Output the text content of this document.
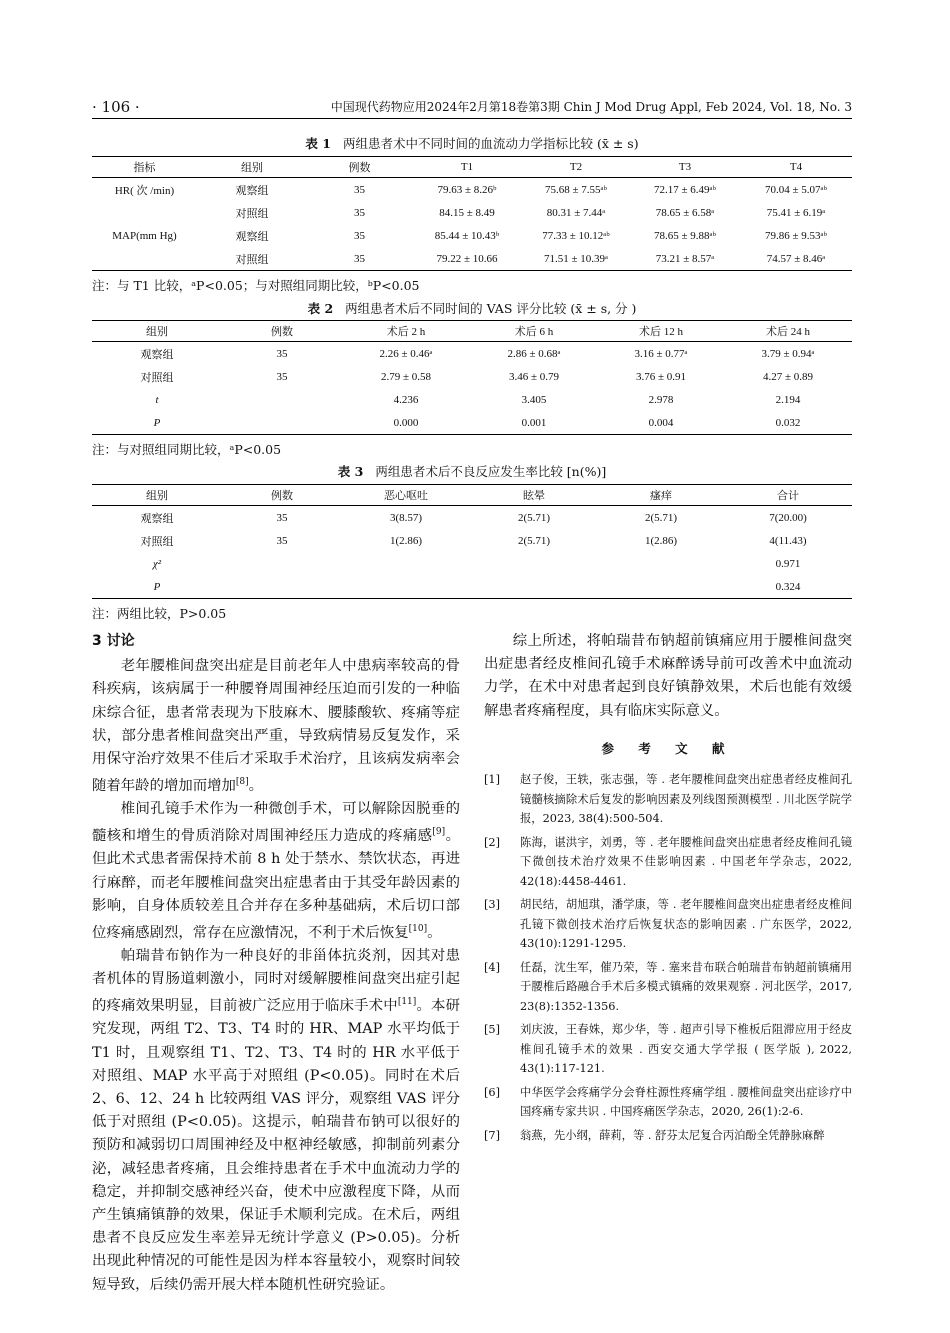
· 106 ·	中国现代药物应用2024年2月第18卷第3期 Chin J Mod Drug Appl, Feb 2024, Vol. 18, No. 3
表 1 两组患者术中不同时间的血流动力学指标比较 (x̄ ± s)
指标	组别	例数	T1	T2	T3	T4
HR( 次 /min)	观察组	35	79.63 ± 8.26ᵇ	75.68 ± 7.55ᵃᵇ	72.17 ± 6.49ᵃᵇ	70.04 ± 5.07ᵃᵇ
	对照组	35	84.15 ± 8.49	80.31 ± 7.44ᵃ	78.65 ± 6.58ᵃ	75.41 ± 6.19ᵃ
MAP(mm Hg)	观察组	35	85.44 ± 10.43ᵇ	77.33 ± 10.12ᵃᵇ	78.65 ± 9.88ᵃᵇ	79.86 ± 9.53ᵃᵇ
	对照组	35	79.22 ± 10.66	71.51 ± 10.39ᵃ	73.21 ± 8.57ᵃ	74.57 ± 8.46ᵃ
注：与 T1 比较，ᵃP<0.05；与对照组同期比较，ᵇP<0.05
表 2 两组患者术后不同时间的 VAS 评分比较 (x̄ ± s, 分 )
组别	例数	术后 2 h	术后 6 h	术后 12 h	术后 24 h
观察组	35	2.26 ± 0.46ᵃ	2.86 ± 0.68ᵃ	3.16 ± 0.77ᵃ	3.79 ± 0.94ᵃ
对照组	35	2.79 ± 0.58	3.46 ± 0.79	3.76 ± 0.91	4.27 ± 0.89
t		4.236	3.405	2.978	2.194
P		0.000	0.001	0.004	0.032
注：与对照组同期比较，ᵃP<0.05
表 3 两组患者术后不良反应发生率比较 [n(%)]
组别	例数	恶心呕吐	眩晕	瘙痒	合计
观察组	35	3(8.57)	2(5.71)	2(5.71)	7(20.00)
对照组	35	1(2.86)	2(5.71)	1(2.86)	4(11.43)
χ²					0.971
P					0.324
注：两组比较，P>0.05
3 讨论

老年腰椎间盘突出症是目前老年人中患病率较高的骨科疾病，该病属于一种腰脊周围神经压迫而引发的一种临床综合征，患者常表现为下肢麻木、腰膝酸软、疼痛等症状，部分患者椎间盘突出严重，导致病情易反复发作，采用保守治疗效果不佳后才采取手术治疗，且该病发病率会随着年龄的增加而增加[8]。

椎间孔镜手术作为一种微创手术，可以解除因脱垂的髓核和增生的骨质消除对周围神经压力造成的疼痛感[9]。但此术式患者需保持术前 8 h 处于禁水、禁饮状态，再进行麻醉，而老年腰椎间盘突出症患者由于其受年龄因素的影响，自身体质较差且合并存在多种基础病，术后切口部位疼痛感剧烈，常存在应激情况，不利于术后恢复[10]。

帕瑞昔布钠作为一种良好的非甾体抗炎剂，因其对患者机体的胃肠道刺激小，同时对缓解腰椎间盘突出症引起的疼痛效果明显，目前被广泛应用于临床手术中[11]。本研究发现，两组 T2、T3、T4 时的 HR、MAP 水平均低于 T1 时，且观察组 T1、T2、T3、T4 时的 HR 水平低于对照组、MAP 水平高于对照组 (P<0.05)。同时在术后 2、6、12、24 h 比较两组 VAS 评分，观察组 VAS 评分低于对照组 (P<0.05)。这提示，帕瑞昔布钠可以很好的预防和减弱切口周围神经及中枢神经敏感，抑制前列素分泌，减轻患者疼痛，且会维持患者在手术中血流动力学的稳定，并抑制交感神经兴奋，使术中应激程度下降，从而产生镇痛镇静的效果，保证手术顺利完成。在术后，两组患者不良反应发生率差异无统计学意义 (P>0.05)。分析出现此种情况的可能性是因为样本容量较小，观察时间较短导致，后续仍需开展大样本随机性研究验证。

综上所述，将帕瑞昔布钠超前镇痛应用于腰椎间盘突出症患者经皮椎间孔镜手术麻醉诱导前可改善术中血流动力学，在术中对患者起到良好镇静效果，术后也能有效缓解患者疼痛程度，具有临床实际意义。

参 考 文 献
[1]	赵子俊，王轶，张志强，等 . 老年腰椎间盘突出症患者经皮椎间孔镜髓核摘除术后复发的影响因素及列线图预测模型 . 川北医学院学报，2023, 38(4):500-504.
[2]	陈海，谌洪宇，刘勇，等 . 老年腰椎间盘突出症患者经皮椎间孔镜下微创技术治疗效果不佳影响因素 . 中国老年学杂志，2022, 42(18):4458-4461.
[3]	胡民结，胡旭琪，潘学康，等 . 老年腰椎间盘突出症患者经皮椎间孔镜下微创技术治疗后恢复状态的影响因素 . 广东医学，2022, 43(10):1291-1295.
[4]	任磊，沈生军，催乃荣，等 . 塞来昔布联合帕瑞昔布钠超前镇痛用于腰椎后路融合手术后多模式镇痛的效果观察 . 河北医学，2017, 23(8):1352-1356.
[5]	刘庆波，王春姝，郑少华，等 . 超声引导下椎板后阻滞应用于经皮椎间孔镜手术的效果 . 西安交通大学学报 ( 医学版 ), 2022, 43(1):117-121.
[6]	中华医学会疼痛学分会脊柱源性疼痛学组 . 腰椎间盘突出症诊疗中国疼痛专家共识 . 中国疼痛医学杂志，2020, 26(1):2-6.
[7]	翁燕，先小纲，薛莉，等 . 舒芬太尼复合丙泊酚全凭静脉麻醉
